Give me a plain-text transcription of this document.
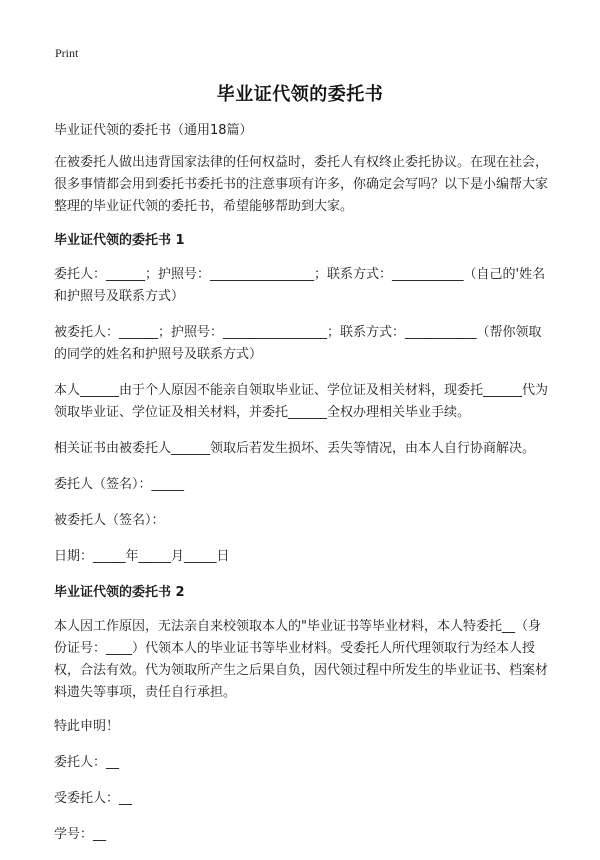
Print
毕业证代领的委托书

毕业证代领的委托书（通用18篇）

在被委托人做出违背国家法律的任何权益时，委托人有权终止委托协议。在现在社会，很多事情都会用到委托书委托书的注意事项有许多，你确定会写吗？以下是小编帮大家整理的毕业证代领的委托书，希望能够帮助到大家。

毕业证代领的委托书 1

委托人：______；护照号：________________；联系方式：___________（自己的'姓名和护照号及联系方式）

被委托人：______；护照号：________________；联系方式：___________（帮你领取的同学的姓名和护照号及联系方式）

本人______由于个人原因不能亲自领取毕业证、学位证及相关材料，现委托______代为领取毕业证、学位证及相关材料，并委托______全权办理相关毕业手续。

相关证书由被委托人______领取后若发生损坏、丢失等情况，由本人自行协商解决。

委托人（签名）：_____

被委托人（签名）：

日期：_____年_____月_____日

毕业证代领的委托书 2

本人因工作原因，无法亲自来校领取本人的"毕业证书等毕业材料，本人特委托__（身份证号：____）代领本人的毕业证书等毕业材料。受委托人所代理领取行为经本人授权，合法有效。代为领取所产生之后果自负，因代领过程中所发生的毕业证书、档案材料遗失等事项，责任自行承担。

特此申明！

委托人：__

受委托人：__

学号：__
